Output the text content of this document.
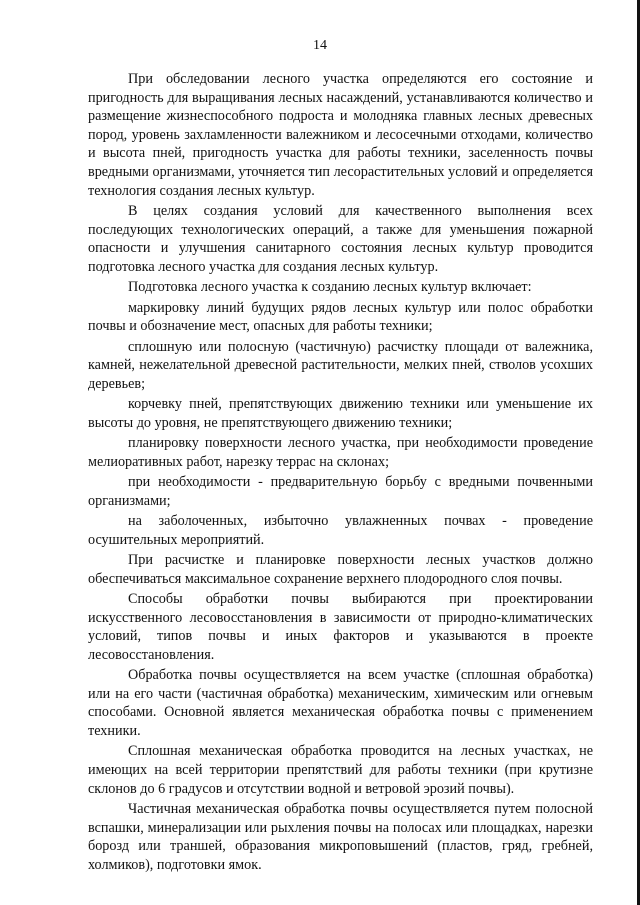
14

При обследовании лесного участка определяются его состояние и пригодность для выращивания лесных насаждений, устанавливаются количество и размещение жизнеспособного подроста и молодняка главных лесных древесных пород, уровень захламленности валежником и лесосечными отходами, количество и высота пней, пригодность участка для работы техники, заселенность почвы вредными организмами, уточняется тип лесорастительных условий и определяется технология создания лесных культур.

В целях создания условий для качественного выполнения всех последующих технологических операций, а также для уменьшения пожарной опасности и улучшения санитарного состояния лесных культур проводится подготовка лесного участка для создания лесных культур.

Подготовка лесного участка к созданию лесных культур включает:

маркировку линий будущих рядов лесных культур или полос обработки почвы и обозначение мест, опасных для работы техники;

сплошную или полосную (частичную) расчистку площади от валежника, камней, нежелательной древесной растительности, мелких пней, стволов усохших деревьев;

корчевку пней, препятствующих движению техники или уменьшение их высоты до уровня, не препятствующего движению техники;

планировку поверхности лесного участка, при необходимости проведение мелиоративных работ, нарезку террас на склонах;

при необходимости - предварительную борьбу с вредными почвенными организмами;

на заболоченных, избыточно увлажненных почвах - проведение осушительных мероприятий.

При расчистке и планировке поверхности лесных участков должно обеспечиваться максимальное сохранение верхнего плодородного слоя почвы.

Способы обработки почвы выбираются при проектировании искусственного лесовосстановления в зависимости от природно-климатических условий, типов почвы и иных факторов и указываются в проекте лесовосстановления.

Обработка почвы осуществляется на всем участке (сплошная обработка) или на его части (частичная обработка) механическим, химическим или огневым способами. Основной является механическая обработка почвы с применением техники.

Сплошная механическая обработка проводится на лесных участках, не имеющих на всей территории препятствий для работы техники (при крутизне склонов до 6 градусов и отсутствии водной и ветровой эрозий почвы).

Частичная механическая обработка почвы осуществляется путем полосной вспашки, минерализации или рыхления почвы на полосах или площадках, нарезки борозд или траншей, образования микроповышений (пластов, гряд, гребней, холмиков), подготовки ямок.
